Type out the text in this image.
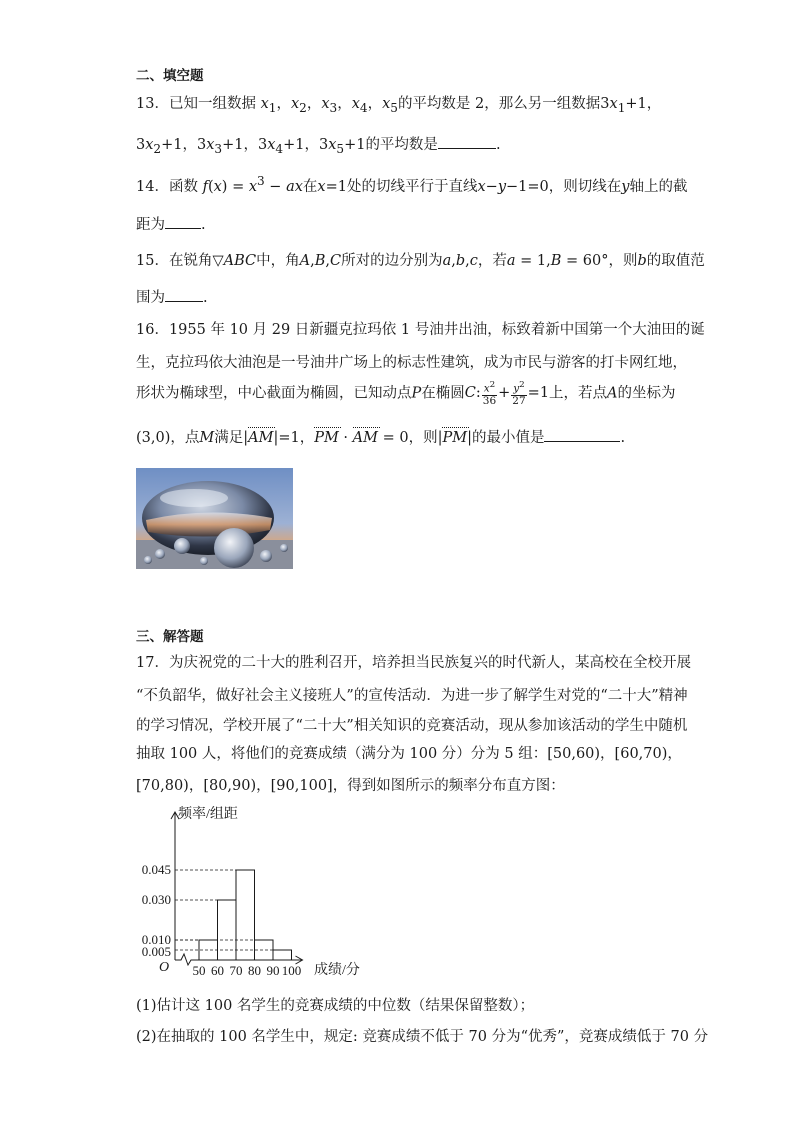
二、填空题
13．已知一组数据 $x_1$，$x_2$，$x_3$，$x_4$，$x_5$的平均数是 2，那么另一组数据$3x_1+1$，
$3x_2+1$，$3x_3+1$，$3x_4+1$，$3x_5+1$的平均数是	.
14．函数 $f(x) = x^3$ − ax在x=1处的切线平行于直线x−y−1=0，则切线在y轴上的截
距为 .
15．在锐角▽ABC中，角A,B,C所对的边分别为a,b,c，若a = 1,B = 60°，则b的取值范
围为	.
16．1955 年 10 月 29 日新疆克拉玛依 1 号油井出油，标致着新中国第一个大油田的诞
生，克拉玛依大油泡是一号油井广场上的标志性建筑，成为市民与游客的打卡网红地，
形状为椭球型，中心截面为椭圆，已知动点P在椭圆C: $\frac{x^2}{36} + \frac{y^2}{27} =1$上，若点A的坐标为
(3,0)，点M满足|AM|=1，PM · AM = 0，则|PM|的最小值是	.
三、解答题
17．为庆祝党的二十大的胜利召开，培养担当民族复兴的时代新人，某高校在全校开展
“不负韶华，做好社会主义接班人”的宣传活动．为进一步了解学生对党的“二十大”精神
的学习情况，学校开展了“二十大”相关知识的竞赛活动，现从参加该活动的学生中随机
抽取 100 人，将他们的竞赛成绩（满分为 100 分）分为 5 组：[50,60)，[60,70)，
[70,80)，[80,90)，[90,100]，得到如图所示的频率分布直方图：
0.005
0.010
0.030
0.045
50 60 70 80 90 100
频率/组距
成绩/分
O
(1)估计这 100 名学生的竞赛成绩的中位数（结果保留整数）；
(2)在抽取的 100 名学生中，规定: 竞赛成绩不低于 70 分为“优秀”，竞赛成绩低于 70 分
